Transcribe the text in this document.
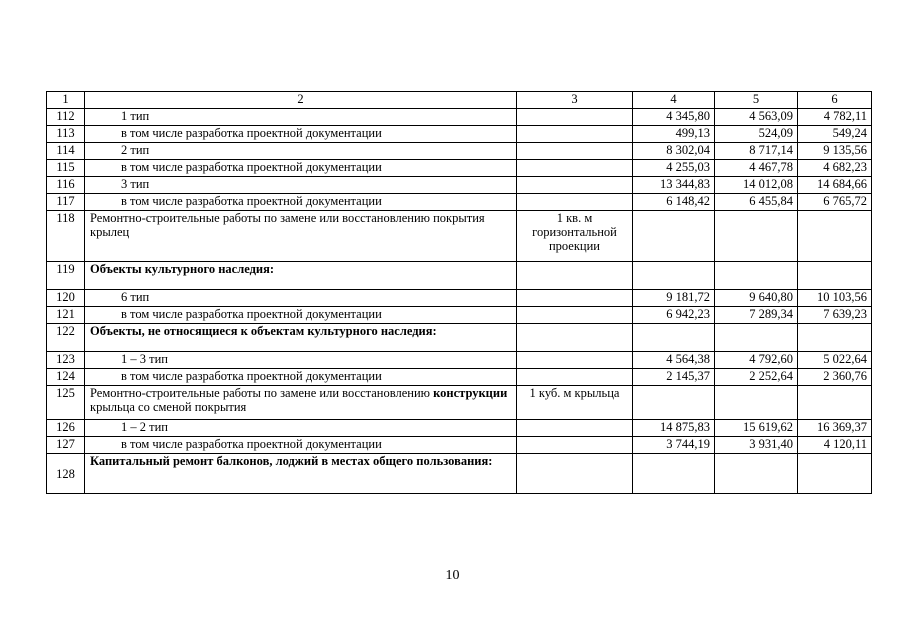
1	2	3	4	5	6
112	1 тип		4 345,80	4 563,09	4 782,11
113	в том числе разработка проектной документации		499,13	524,09	549,24
114	2 тип		8 302,04	8 717,14	9 135,56
115	в том числе разработка проектной документации		4 255,03	4 467,78	4 682,23
116	3 тип		13 344,83	14 012,08	14 684,66
117	в том числе разработка проектной документации		6 148,42	6 455,84	6 765,72
118	Ремонтно-строительные работы по замене или восстановлению покрытия крылец	1 кв. м горизонтальной проекции			
119	Объекты культурного наследия:				
120	6 тип		9 181,72	9 640,80	10 103,56
121	в том числе разработка проектной документации		6 942,23	7 289,34	7 639,23
122	Объекты, не относящиеся к объектам культурного наследия:				
123	1 – 3 тип		4 564,38	4 792,60	5 022,64
124	в том числе разработка проектной документации		2 145,37	2 252,64	2 360,76
125	Ремонтно-строительные работы по замене или восстановлению конструкции крыльца со сменой покрытия	1 куб. м крыльца			
126	1 – 2 тип		14 875,83	15 619,62	16 369,37
127	в том числе разработка проектной документации		3 744,19	3 931,40	4 120,11
128	Капитальный ремонт балконов, лоджий в местах общего пользования:				
10
